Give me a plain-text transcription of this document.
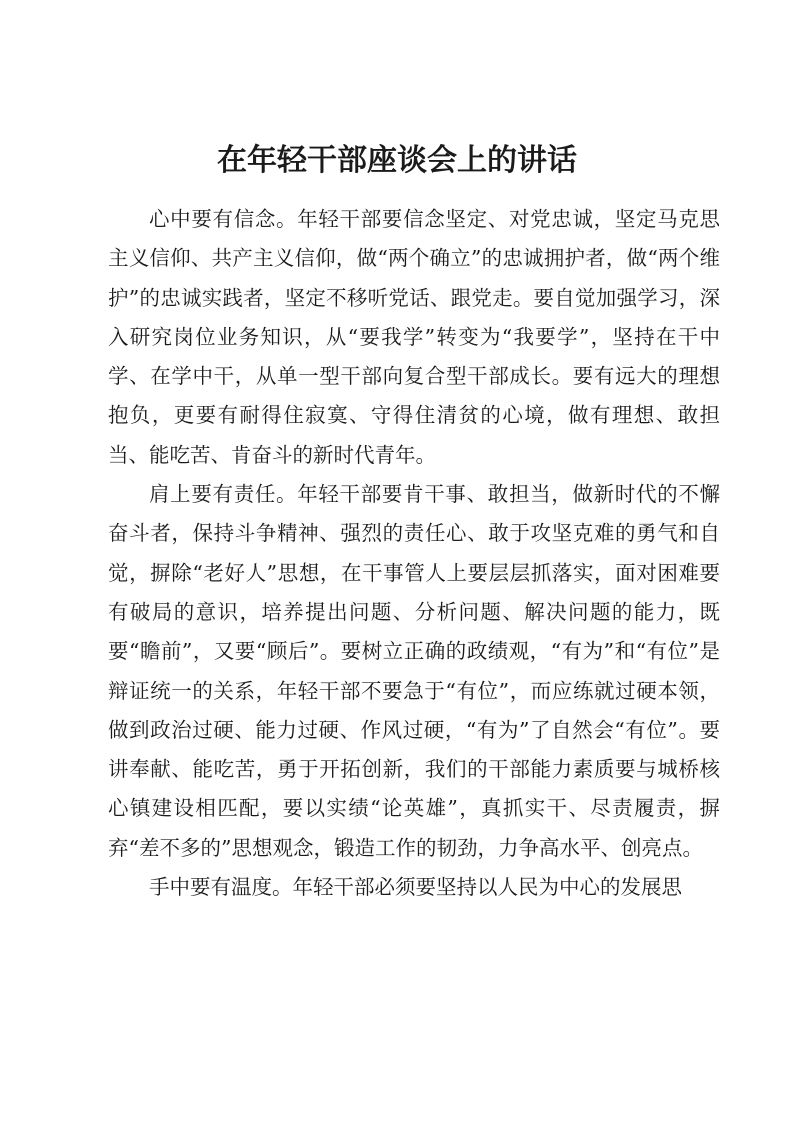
在年轻干部座谈会上的讲话

心中要有信念。年轻干部要信念坚定、对党忠诚，坚定马克思主义信仰、共产主义信仰，做“两个确立”的忠诚拥护者，做“两个维护”的忠诚实践者，坚定不移听党话、跟党走。要自觉加强学习，深入研究岗位业务知识，从“要我学”转变为“我要学”，坚持在干中学、在学中干，从单一型干部向复合型干部成长。要有远大的理想抱负，更要有耐得住寂寞、守得住清贫的心境，做有理想、敢担当、能吃苦、肯奋斗的新时代青年。

肩上要有责任。年轻干部要肯干事、敢担当，做新时代的不懈奋斗者，保持斗争精神、强烈的责任心、敢于攻坚克难的勇气和自觉，摒除“老好人”思想，在干事管人上要层层抓落实，面对困难要有破局的意识，培养提出问题、分析问题、解决问题的能力，既要“瞻前”，又要“顾后”。要树立正确的政绩观，“有为”和“有位”是辩证统一的关系，年轻干部不要急于“有位”，而应练就过硬本领，做到政治过硬、能力过硬、作风过硬，“有为”了自然会“有位”。要讲奉献、能吃苦，勇于开拓创新，我们的干部能力素质要与城桥核心镇建设相匹配，要以实绩“论英雄”，真抓实干、尽责履责，摒弃“差不多的”思想观念，锻造工作的韧劲，力争高水平、创亮点。

手中要有温度。年轻干部必须要坚持以人民为中心的发展思
